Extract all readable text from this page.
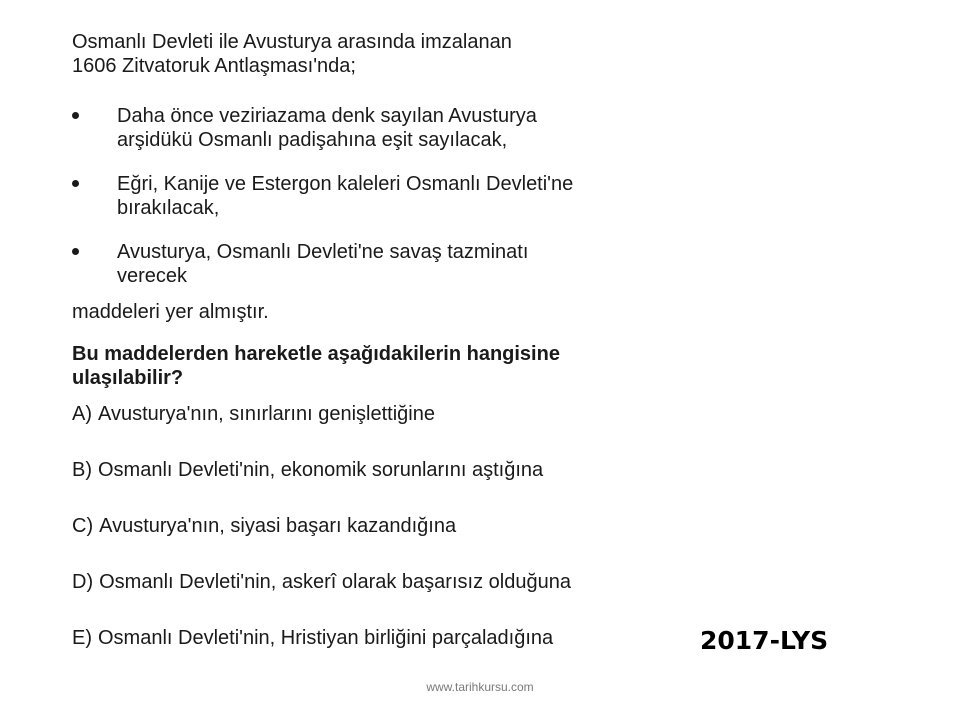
Osmanlı Devleti ile Avusturya arasında imzalanan
1606 Zitvatoruk Antlaşması'nda;
Daha önce veziriazama denk sayılan Avusturya
arşidükü Osmanlı padişahına eşit sayılacak,
Eğri, Kanije ve Estergon kaleleri Osmanlı Devleti'ne
bırakılacak,
Avusturya, Osmanlı Devleti'ne savaş tazminatı
verecek
maddeleri yer almıştır.
Bu maddelerden hareketle aşağıdakilerin hangisine
ulaşılabilir?
A) Avusturya'nın, sınırlarını genişlettiğine
B) Osmanlı Devleti'nin, ekonomik sorunlarını aştığına
C) Avusturya'nın, siyasi başarı kazandığına
D) Osmanlı Devleti'nin, askerî olarak başarısız olduğuna
E) Osmanlı Devleti'nin, Hristiyan birliğini parçaladığına	2017-LYS
www.tarihkursu.com
